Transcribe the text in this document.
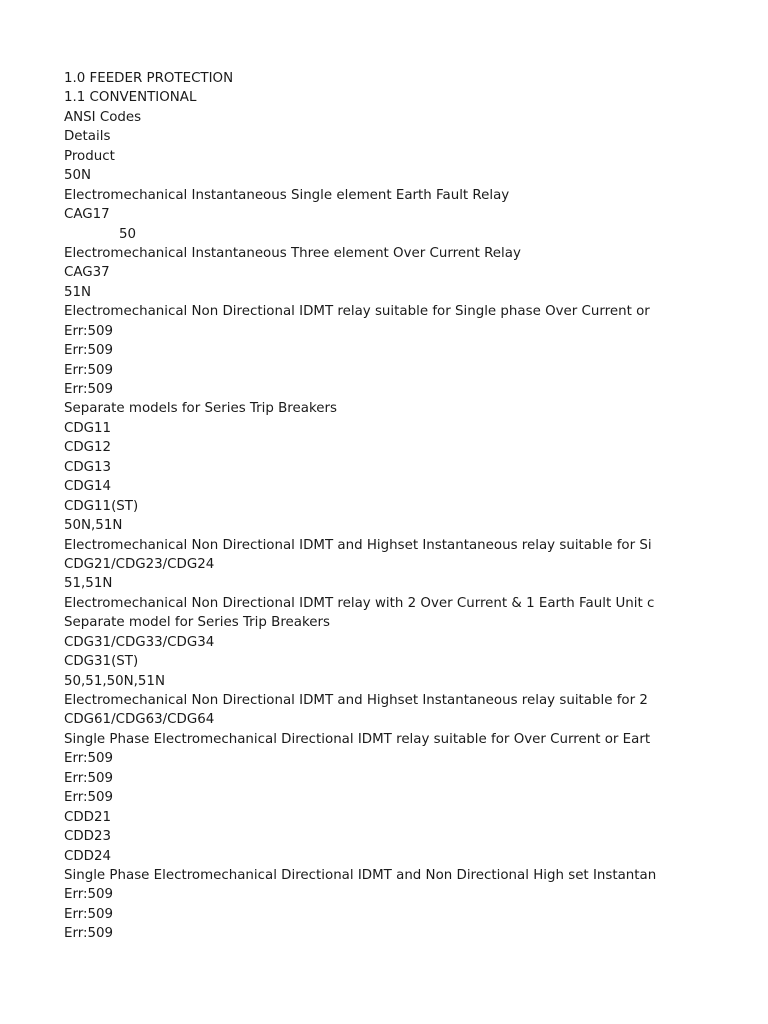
1.0 FEEDER PROTECTION
1.1 CONVENTIONAL
ANSI Codes
Details
Product
50N
Electromechanical Instantaneous Single element Earth Fault Relay
CAG17
50
Electromechanical Instantaneous Three element Over Current Relay
CAG37
51N
Electromechanical Non Directional IDMT relay suitable for Single phase Over Current or
Err:509
Err:509
Err:509
Err:509
Separate models for Series Trip Breakers
CDG11
CDG12
CDG13
CDG14
CDG11(ST)
50N,51N
Electromechanical Non Directional IDMT and Highset Instantaneous relay suitable for Si
CDG21/CDG23/CDG24
51,51N
Electromechanical Non Directional IDMT relay with 2 Over Current & 1 Earth Fault Unit c
Separate model for Series Trip Breakers
CDG31/CDG33/CDG34
CDG31(ST)
50,51,50N,51N
Electromechanical Non Directional IDMT and Highset Instantaneous relay suitable for 2
CDG61/CDG63/CDG64
Single Phase Electromechanical Directional IDMT relay suitable for Over Current or Eart
Err:509
Err:509
Err:509
CDD21
CDD23
CDD24
Single Phase Electromechanical Directional IDMT and Non Directional High set Instantan
Err:509
Err:509
Err:509
